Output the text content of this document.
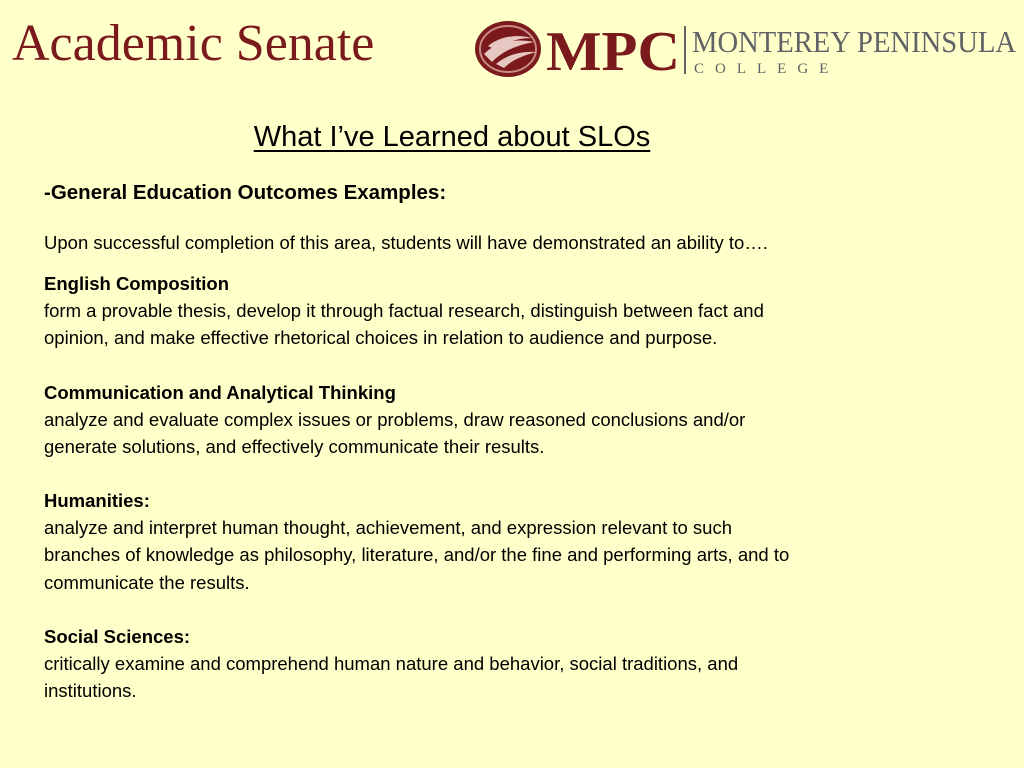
Academic Senate	MPC MONTEREY PENINSULA
COLLEGE
What I’ve Learned about SLOs
-General Education Outcomes Examples:
Upon successful completion of this area, students will have demonstrated an ability to….
English Composition

form a provable thesis, develop it through factual research, distinguish between fact and
opinion, and make effective rhetorical choices in relation to audience and purpose.

Communication and Analytical Thinking

analyze and evaluate complex issues or problems, draw reasoned conclusions and/or
generate solutions, and effectively communicate their results.

Humanities:

analyze and interpret human thought, achievement, and expression relevant to such
branches of knowledge as philosophy, literature, and/or the fine and performing arts, and to
communicate the results.

Social Sciences:

critically examine and comprehend human nature and behavior, social traditions, and
institutions.
